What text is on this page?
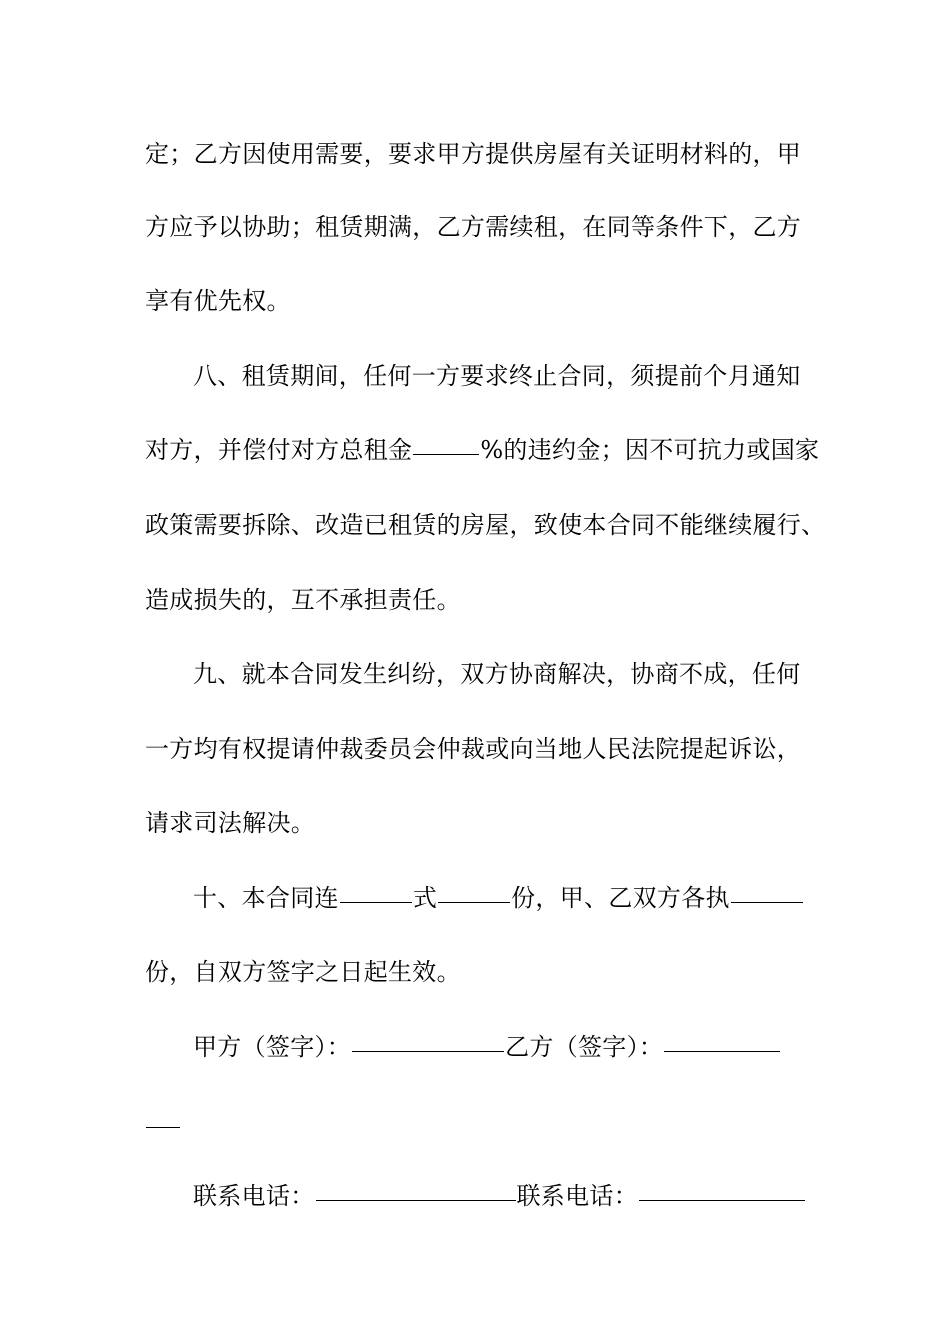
定；乙方因使用需要，要求甲方提供房屋有关证明材料的，甲
方应予以协助；租赁期满，乙方需续租，在同等条件下，乙方
享有优先权。
八、租赁期间，任何一方要求终止合同，须提前个月通知
对方，并偿付对方总租金	%的违约金；因不可抗力或国家
政策需要拆除、改造已租赁的房屋，致使本合同不能继续履行、
造成损失的，互不承担责任。
九、就本合同发生纠纷，双方协商解决，协商不成，任何
一方均有权提请仲裁委员会仲裁或向当地人民法院提起诉讼，
请求司法解决。
十、本合同连	式	份，甲、乙双方各执
份，自双方签字之日起生效。
甲方（签字）：	乙方（签字）：
联系电话：	联系电话：
